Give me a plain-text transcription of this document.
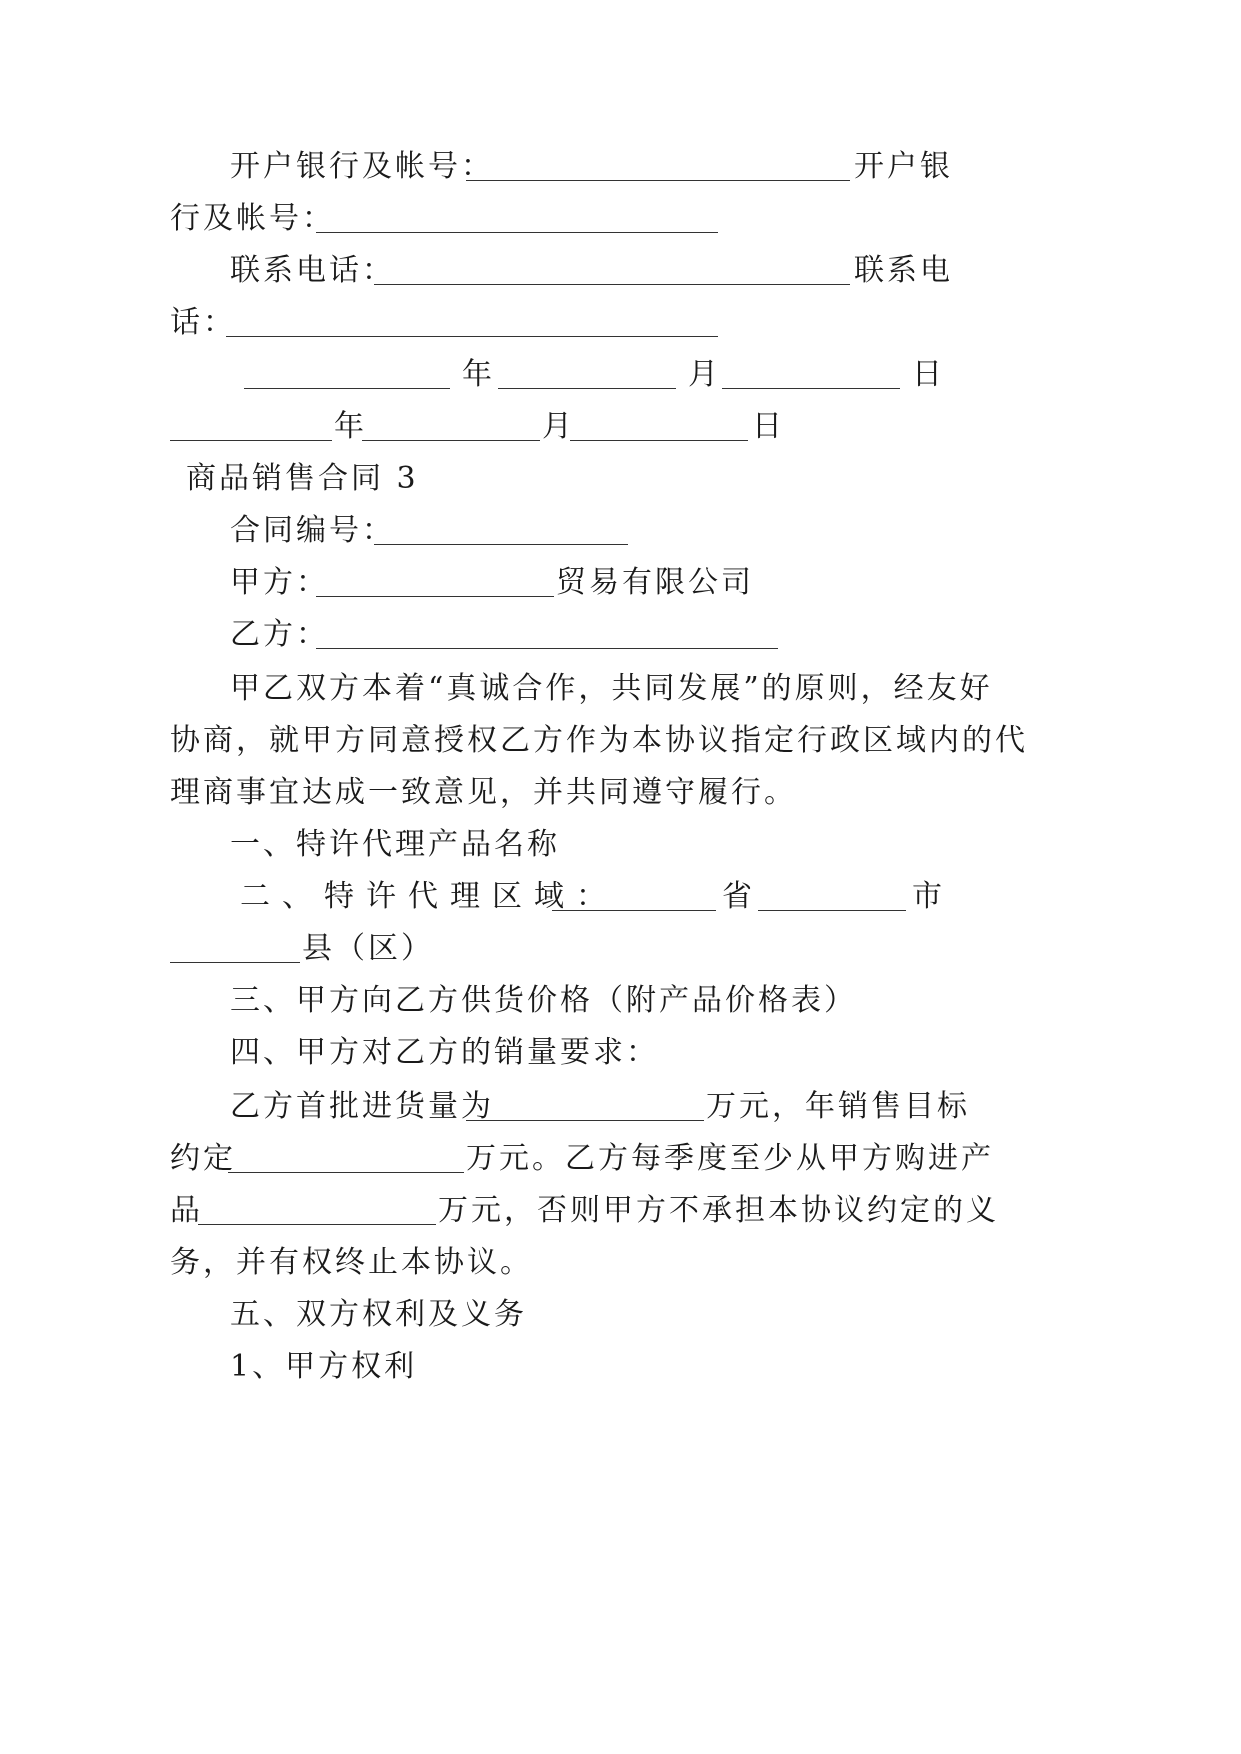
开户银行及帐号：	开户银
行及帐号：
联系电话：	联系电
话：
年	月	日
年	月	日
商品销售合同 3
合同编号：
甲方：	贸易有限公司
乙方：
甲乙双方本着“真诚合作，共同发展”的原则，经友好
协商，就甲方同意授权乙方作为本协议指定行政区域内的代
理商事宜达成一致意见，并共同遵守履行。
一、特许代理产品名称
二、特许代理区域：	省	市
县（区）
三、甲方向乙方供货价格（附产品价格表）
四、甲方对乙方的销量要求：
乙方首批进货量为	万元，年销售目标
约定	万元。乙方每季度至少从甲方购进产
品	万元，否则甲方不承担本协议约定的义
务，并有权终止本协议。
五、双方权利及义务
1、甲方权利
